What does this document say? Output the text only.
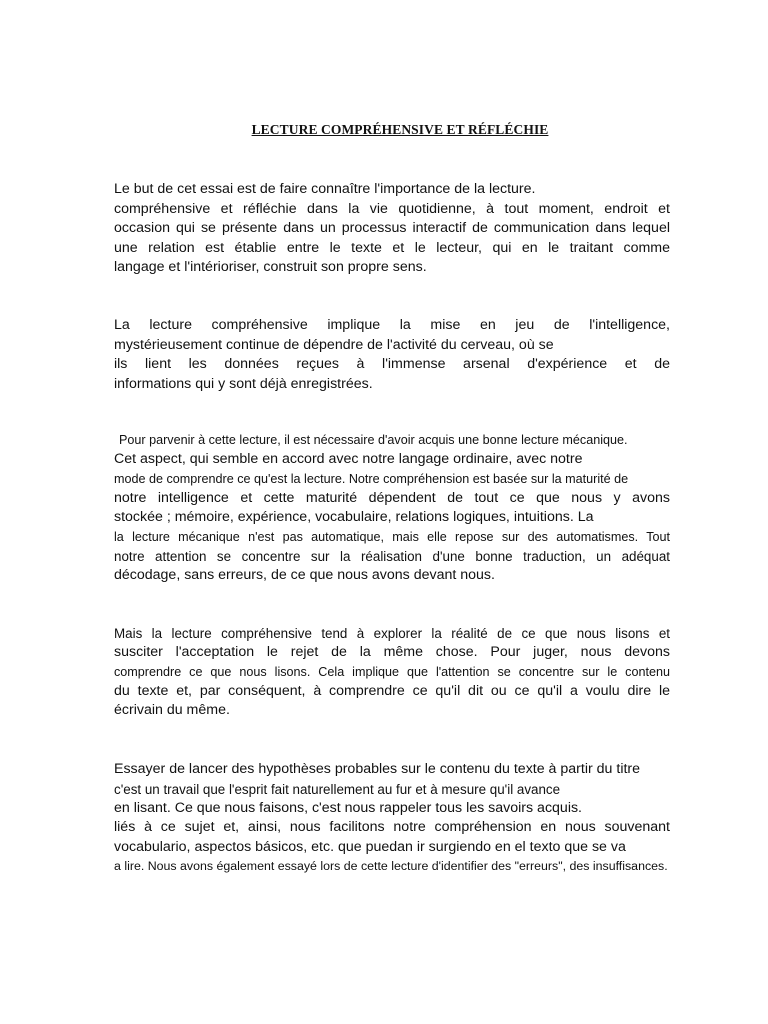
LECTURE COMPRÉHENSIVE ET RÉFLÉCHIE
Le but de cet essai est de faire connaître l'importance de la lecture.
compréhensive et réfléchie dans la vie quotidienne, à tout moment, endroit et
occasion qui se présente dans un processus interactif de communication dans lequel
une relation est établie entre le texte et le lecteur, qui en le traitant comme
langage et l'intérioriser, construit son propre sens.
La lecture compréhensive implique la mise en jeu de l'intelligence,
mystérieusement continue de dépendre de l'activité du cerveau, où se
ils lient les données reçues à l'immense arsenal d'expérience et de
informations qui y sont déjà enregistrées.
Pour parvenir à cette lecture, il est nécessaire d'avoir acquis une bonne lecture mécanique.
Cet aspect, qui semble en accord avec notre langage ordinaire, avec notre
mode de comprendre ce qu'est la lecture. Notre compréhension est basée sur la maturité de
notre intelligence et cette maturité dépendent de tout ce que nous y avons
stockée ; mémoire, expérience, vocabulaire, relations logiques, intuitions. La
la lecture mécanique n'est pas automatique, mais elle repose sur des automatismes. Tout
notre attention se concentre sur la réalisation d'une bonne traduction, un adéquat
décodage, sans erreurs, de ce que nous avons devant nous.
Mais la lecture compréhensive tend à explorer la réalité de ce que nous lisons et
susciter l'acceptation le rejet de la même chose. Pour juger, nous devons
comprendre ce que nous lisons. Cela implique que l'attention se concentre sur le contenu
du texte et, par conséquent, à comprendre ce qu'il dit ou ce qu'il a voulu dire le
écrivain du même.
Essayer de lancer des hypothèses probables sur le contenu du texte à partir du titre
c'est un travail que l'esprit fait naturellement au fur et à mesure qu'il avance
en lisant. Ce que nous faisons, c'est nous rappeler tous les savoirs acquis.
liés à ce sujet et, ainsi, nous facilitons notre compréhension en nous souvenant
vocabulario, aspectos básicos, etc. que puedan ir surgiendo en el texto que se va
a lire. Nous avons également essayé lors de cette lecture d'identifier des "erreurs", des insuffisances.
